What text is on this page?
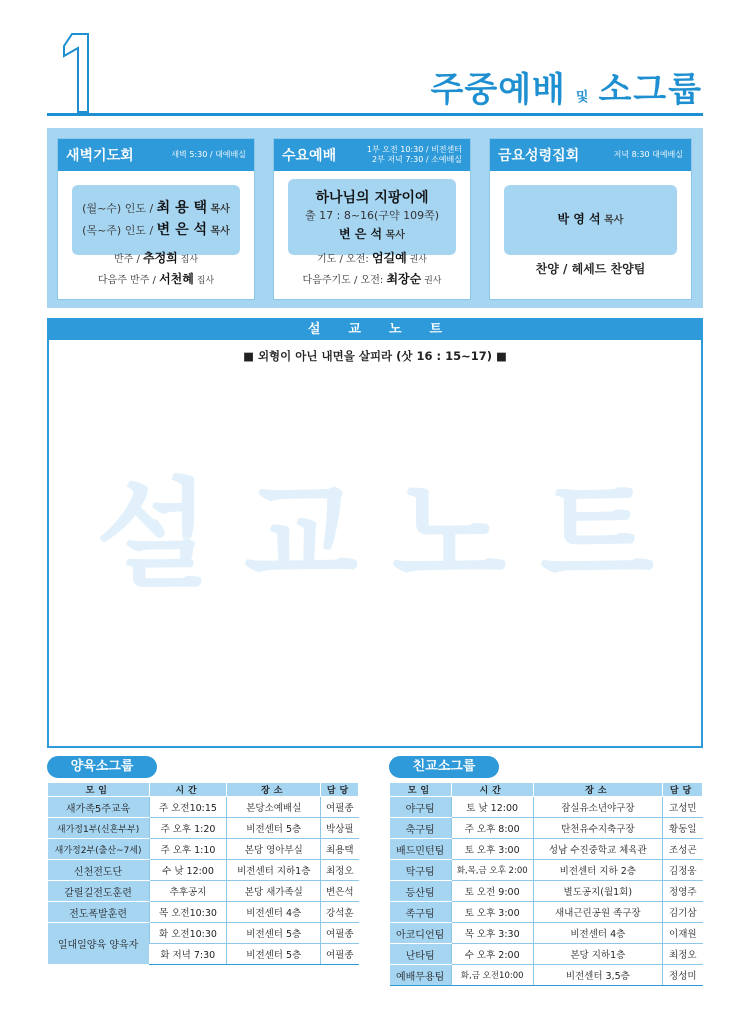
주중예배 및 소그룹
새벽기도회	새벽 5:30 / 대예배실
(월~수) 인도 / 최 용 택 목사
(목~주) 인도 / 변 은 석 목사
반주 / 추정희 집사
다음주 반주 / 서천혜 집사
수요예배	1부 오전 10:30 / 비전센터
2부 저녁 7:30 / 소예배실
하나님의 지팡이에
출 17 : 8~16(구약 109쪽)
변 은 석 목사
기도 / 오전: 엄길예 권사
다음주기도 / 오전: 최장순 권사
금요성령집회	저녁 8:30 대예배실
박 영 석 목사
찬양 / 헤세드 찬양팀
설교노트
■ 외형이 아닌 내면을 살피라 (삿 16 : 15~17) ■
설교노트
양육소그룹
모임	시간	장소	담당
새가족5주교육	주 오전10:15	본당소예배실	여필종
새가정1부(신혼부부)	주 오후 1:20	비전센터 5층	박상필
새가정2부(출산~7세)	주 오후 1:10	본당 영아부실	최용택
신천전도단	수 낮 12:00	비전센터 지하1층	최정오
갈릴길전도훈련	추후공지	본당 새가족실	변은석
전도폭발훈련	목 오전10:30	비전센터 4층	강석훈
일대일양육 양육자	화 오전10:30	비전센터 5층	여필종
	화 저녁 7:30	비전센터 5층	여필종
친교소그룹
모임	시간	장소	담당
야구팀	토 낮 12:00	잠실유소년야구장	고성민
축구팀	주 오후 8:00	탄천유수지축구장	황동일
배드민턴팀	토 오후 3:00	성남 수진중학교 체육관	조성곤
탁구팀	화,목,금 오후 2:00	비전센터 지하 2층	김정웅
등산팀	토 오전 9:00	별도공지(월1회)	정영주
족구팀	토 오후 3:00	새내근린공원 족구장	김기삼
아코디언팀	목 오후 3:30	비전센터 4층	이재원
난타팀	수 오후 2:00	본당 지하1층	최정오
예배무용팀	화,금 오전10:00	비전센터 3,5층	정성미
